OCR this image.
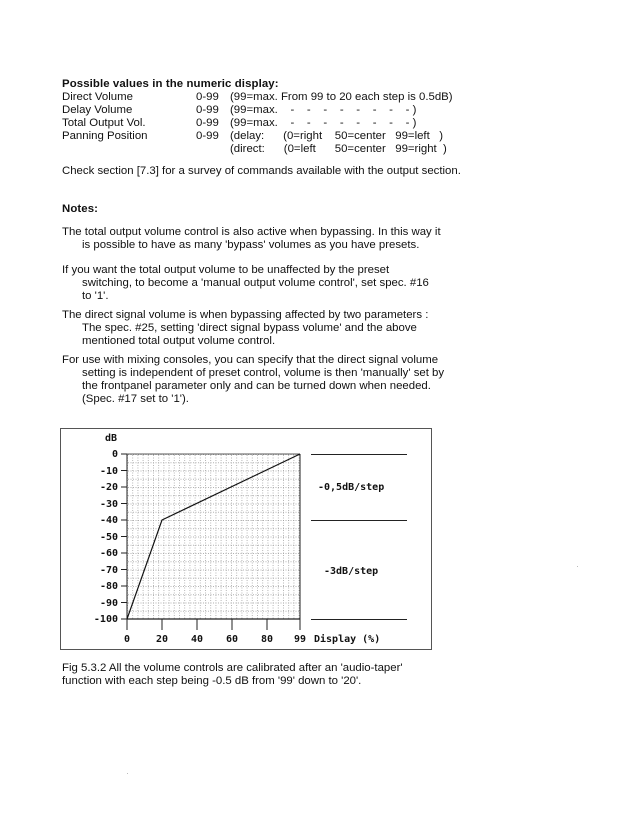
Possible values in the numeric display:
Direct Volume	0-99 (99=max. From 99 to 20 each step is 0.5dB)
Delay Volume	0-99 (99=max.    -    -    -    -    -    -    -    - )
Total Output Vol.	0-99 (99=max.    -    -    -    -    -    -    -    - )
Panning Position	0-99 (delay:      (0=right    50=center   99=left   )
(direct:      (0=left      50=center   99=right  )
Check section [7.3] for a survey of commands available with the output section.
Notes:
The total output volume control is also active when bypassing. In this way it
is possible to have as many 'bypass' volumes as you have presets.
If you want the total output volume to be unaffected by the preset
switching, to become a 'manual output volume control', set spec. #16
to '1'.
The direct signal volume is when bypassing affected by two parameters :
The spec. #25, setting 'direct signal bypass volume' and the above
mentioned total output volume control.
For use with mixing consoles, you can specify that the direct signal volume
setting is independent of preset control, volume is then 'manually' set by
the frontpanel parameter only and can be turned down when needed.
(Spec. #17 set to '1').
dB
0
-10
-20
-30
-40
-50
-60
-70
-80
-90
-100
0	20 40 60 80 99 Display (%)
-0,5dB/step
-3dB/step
Fig 5.3.2 All the volume controls are calibrated after an 'audio-taper'
function with each step being -0.5 dB from '99' down to '20'.
